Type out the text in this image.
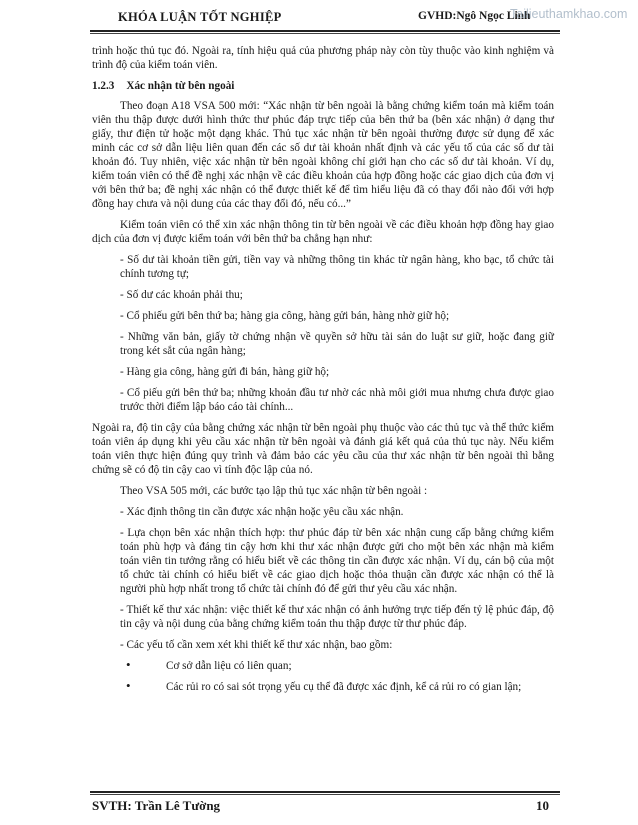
KHÓA LUẬN TỐT NGHIỆP	GVHD:Ngô Ngọc Linh
Tailieuthamkhao.com

trình hoặc thủ tục đó. Ngoài ra, tính hiệu quả của phương pháp này còn tùy thuộc vào kinh nghiệm và trình độ của kiểm toán viên.

1.2.3 Xác nhận từ bên ngoài

Theo đoạn A18 VSA 500 mới: “Xác nhận từ bên ngoài là bằng chứng kiểm toán mà kiểm toán viên thu thập được dưới hình thức thư phúc đáp trực tiếp của bên thứ ba (bên xác nhận) ở dạng thư giấy, thư điện tử hoặc một dạng khác. Thủ tục xác nhận từ bên ngoài thường được sử dụng để xác minh các cơ sở dẫn liệu liên quan đến các số dư tài khoản nhất định và các yếu tố của các số dư tài khoản đó. Tuy nhiên, việc xác nhận từ bên ngoài không chỉ giới hạn cho các số dư tài khoản. Ví dụ, kiểm toán viên có thể đề nghị xác nhận về các điều khoản của hợp đồng hoặc các giao dịch của đơn vị với bên thứ ba; đề nghị xác nhận có thể được thiết kế để tìm hiểu liệu đã có thay đổi nào đối với hợp đồng hay chưa và nội dung của các thay đổi đó, nếu có...”

Kiểm toán viên có thể xin xác nhận thông tin từ bên ngoài về các điều khoản hợp đồng hay giao dịch của đơn vị được kiểm toán với bên thứ ba chẳng hạn như:

- Số dư tài khoản tiền gửi, tiền vay và những thông tin khác từ ngân hàng, kho bạc, tổ chức tài chính tương tự;

- Số dư các khoản phải thu;

- Cổ phiếu gửi bên thứ ba; hàng gia công, hàng gửi bán, hàng nhờ giữ hộ;

- Những văn bản, giấy tờ chứng nhận về quyền sở hữu tài sản do luật sư giữ, hoặc đang giữ trong két sắt của ngân hàng;

- Hàng gia công, hàng gửi đi bán, hàng giữ hộ;

- Cổ piếu gửi bên thứ ba; những khoản đầu tư nhờ các nhà môi giới mua nhưng chưa được giao trước thời điểm lập báo cáo tài chính...

Ngoài ra, độ tin cậy của bằng chứng xác nhận từ bên ngoài phụ thuộc vào các thủ tục và thể thức kiểm toán viên áp dụng khi yêu cầu xác nhận từ bên ngoài và đánh giá kết quả của thủ tục này. Nếu kiểm toán viên thực hiện đúng quy trình và đảm bảo các yêu cầu của thư xác nhận từ bên ngoài thì bằng chứng sẽ có độ tin cậy cao vì tính độc lập của nó.

Theo VSA 505 mới, các bước tạo lập thủ tục xác nhận từ bên ngoài :

- Xác định thông tin cần được xác nhận hoặc yêu cầu xác nhận.

- Lựa chọn bên xác nhận thích hợp: thư phúc đáp từ bên xác nhận cung cấp bằng chứng kiểm toán phù hợp và đáng tin cậy hơn khi thư xác nhận được gửi cho một bên xác nhận mà kiểm toán viên tin tưởng rằng có hiểu biết về các thông tin cần được xác nhận. Ví dụ, cán bộ của một tổ chức tài chính có hiểu biết về các giao dịch hoặc thỏa thuận cần được xác nhận có thể là người phù hợp nhất trong tổ chức tài chính đó để gửi thư yêu cầu xác nhận.

- Thiết kế thư xác nhận: việc thiết kế thư xác nhận có ảnh hưởng trực tiếp đến tỷ lệ phúc đáp, độ tin cậy và nội dung của bằng chứng kiểm toán thu thập được từ thư phúc đáp.

- Các yếu tố cần xem xét khi thiết kế thư xác nhận, bao gồm:

•	Cơ sở dẫn liệu có liên quan;

•	Các rủi ro có sai sót trọng yếu cụ thể đã được xác định, kể cả rủi ro có gian lận;

SVTH: Trần Lê Tường	10
